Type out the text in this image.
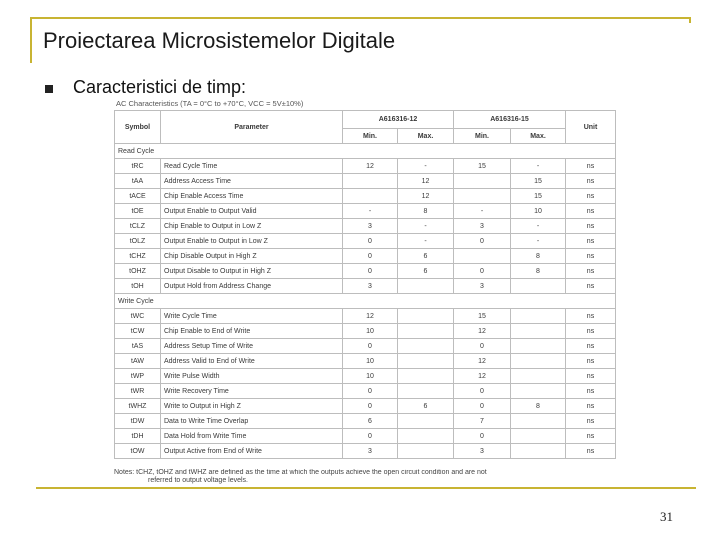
Proiectarea Microsistemelor Digitale
Caracteristici de timp:
AC Characteristics (TA = 0°C to +70°C, VCC = 5V±10%)
Symbol	Parameter	A616316-12		A616316-15		Unit
		Min.	Max.	Min.	Max.	
Read Cycle						
tRC	Read Cycle Time	12	-	15	-	ns
tAA	Address Access Time		12		15	ns
tACE	Chip Enable Access Time		12		15	ns
tOE	Output Enable to Output Valid	-	8	-	10	ns
tCLZ	Chip Enable to Output in Low Z	3	-	3	-	ns
tOLZ	Output Enable to Output in Low Z	0	-	0	-	ns
tCHZ	Chip Disable Output in High Z	0	6		8	ns
tOHZ	Output Disable to Output in High Z	0	6	0	8	ns
tOH	Output Hold from Address Change	3		3		ns
Write Cycle						
tWC	Write Cycle Time	12		15		ns
tCW	Chip Enable to End of Write	10		12		ns
tAS	Address Setup Time of Write	0		0		ns
tAW	Address Valid to End of Write	10		12		ns
tWP	Write Pulse Width	10		12		ns
tWR	Write Recovery Time	0		0		ns
tWHZ	Write to Output in High Z	0	6	0	8	ns
tDW	Data to Write Time Overlap	6		7		ns
tDH	Data Hold from Write Time	0		0		ns
tOW	Output Active from End of Write	3		3		ns
Notes: tCHZ, tOHZ and tWHZ are defined as the time at which the outputs achieve the open circuit condition and are not
referred to output voltage levels.
31
